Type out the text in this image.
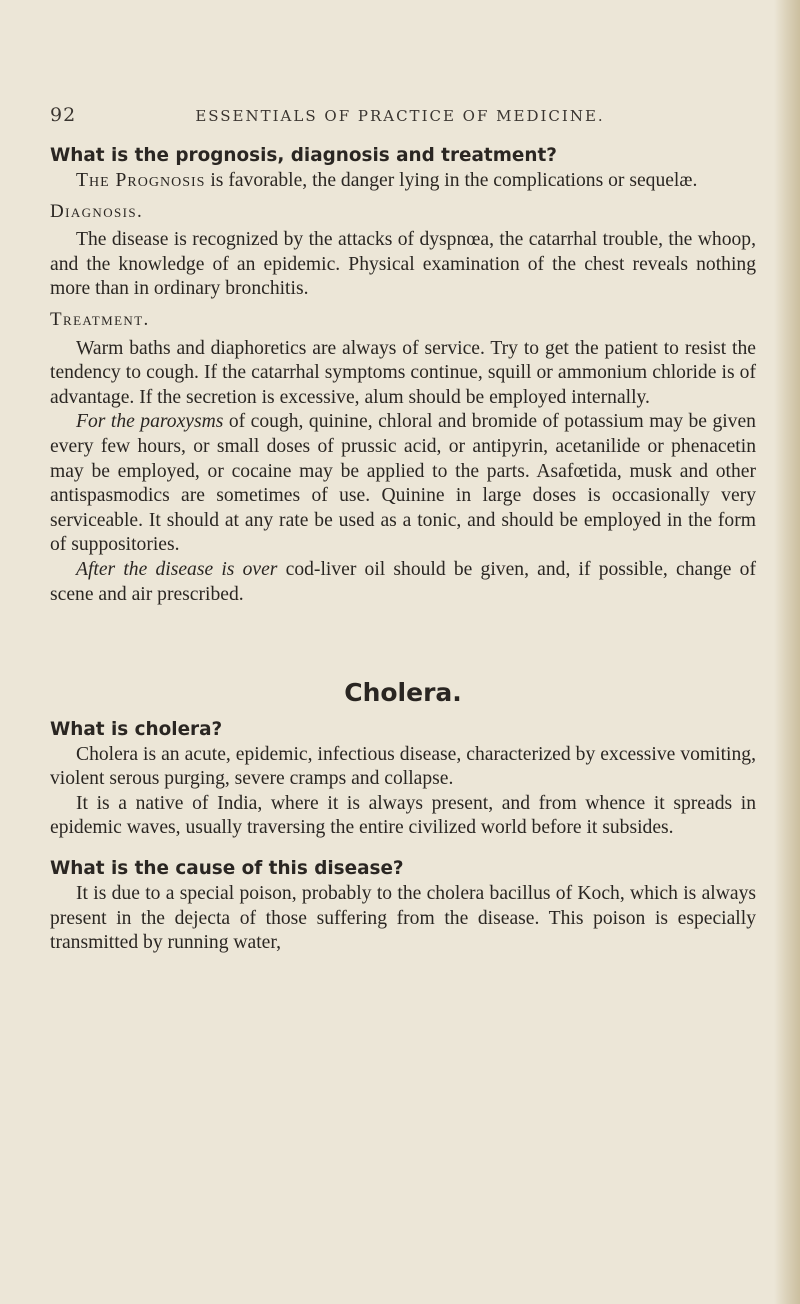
92	ESSENTIALS OF PRACTICE OF MEDICINE.
What is the prognosis, diagnosis and treatment?

The Prognosis is favorable, the danger lying in the complications or sequelæ.

Diagnosis.

The disease is recognized by the attacks of dyspnœa, the catarrhal trouble, the whoop, and the knowledge of an epidemic. Physical examination of the chest reveals nothing more than in ordinary bronchitis.

Treatment.

Warm baths and diaphoretics are always of service. Try to get the patient to resist the tendency to cough. If the catarrhal symptoms continue, squill or ammonium chloride is of advantage. If the secretion is excessive, alum should be employed internally.

For the paroxysms of cough, quinine, chloral and bromide of potassium may be given every few hours, or small doses of prussic acid, or antipyrin, acetanilide or phenacetin may be employed, or cocaine may be applied to the parts. Asafœtida, musk and other antispasmodics are sometimes of use. Quinine in large doses is occasionally very serviceable. It should at any rate be used as a tonic, and should be employed in the form of suppositories.

After the disease is over cod-liver oil should be given, and, if possible, change of scene and air prescribed.

Cholera.
What is cholera?

Cholera is an acute, epidemic, infectious disease, characterized by excessive vomiting, violent serous purging, severe cramps and collapse.

It is a native of India, where it is always present, and from whence it spreads in epidemic waves, usually traversing the entire civilized world before it subsides.

What is the cause of this disease?

It is due to a special poison, probably to the cholera bacillus of Koch, which is always present in the dejecta of those suffering from the disease. This poison is especially transmitted by running water,
